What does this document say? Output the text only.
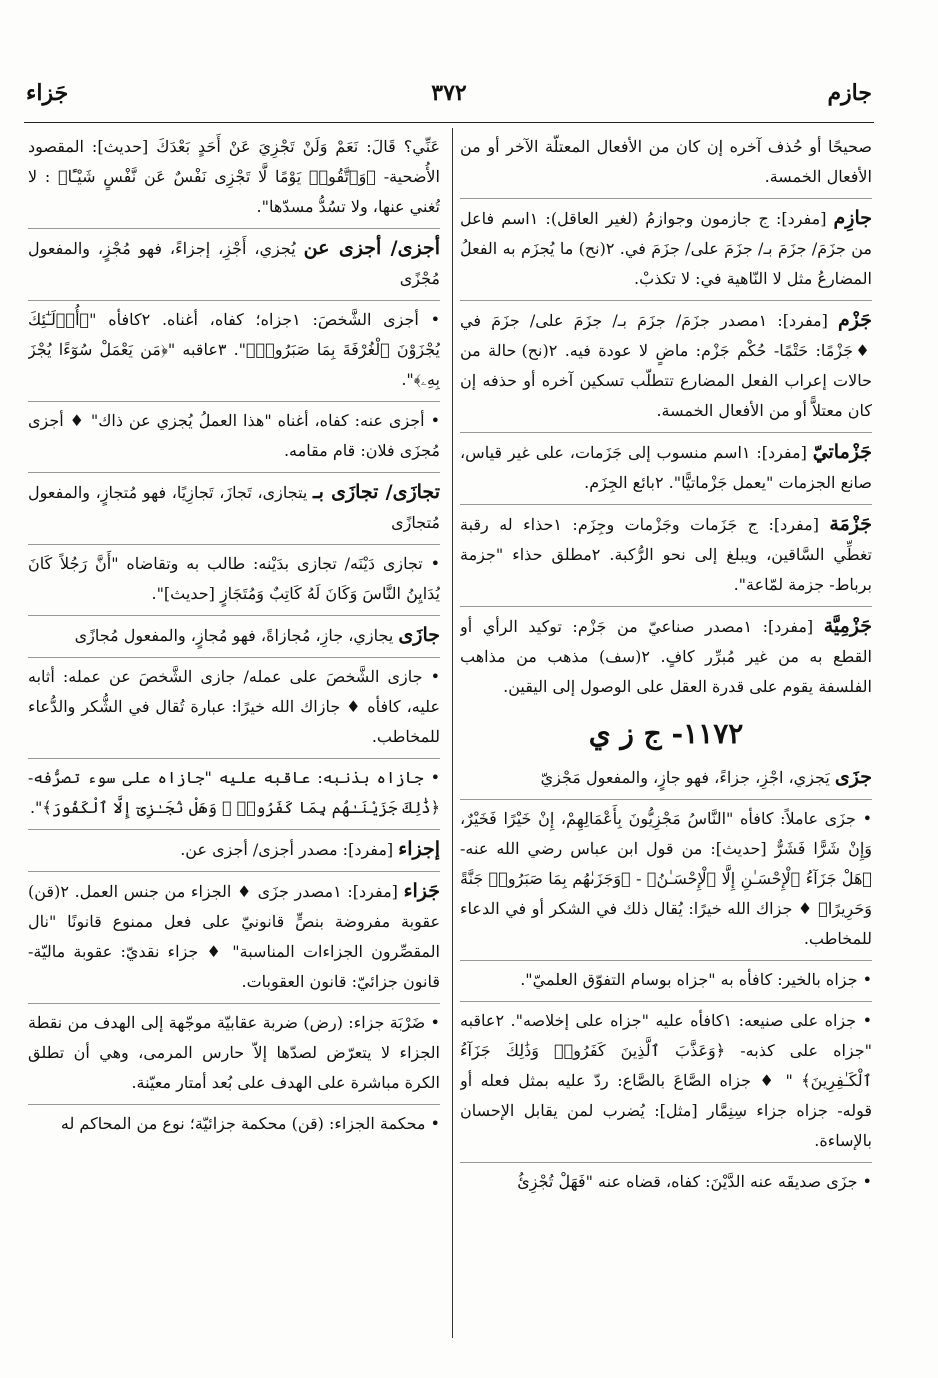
جازم
٣٧٢
جَزاء

صحيحًا أو حُذف آخره إن كان من الأفعال المعتلّة الآخر أو من الأفعال الخمسة.

جازِم [مفرد]: ج جازمون وجوازمُ (لغير العاقل): ١اسم فاعل من جزَمَ/ جزَمَ بـ/ جزَمَ على/ جزَمَ في. ٢(نح) ما يُجزَم به الفعلُ المضارعُ مثل لا النّاهية في: لا تكذبْ.

جَزْم [مفرد]: ١مصدر جزَمَ/ جزَمَ بـ/ جزَمَ على/ جزَمَ في ♦جَزْمًا: حَتْمًا- حُكْم جَزْم: ماضٍ لا عودة فيه. ٢(نح) حالة من حالات إعراب الفعل المضارع تتطلّب تسكين آخره أو حذفه إن كان معتلاًّ أو من الأفعال الخمسة.

جَزْماتيّ [مفرد]: ١اسم منسوب إلى جَزَمات، على غير قياس، صانع الجزمات "يعمل جَزْماتيًّا". ٢بائع الجِزَم.

جَزْمَة [مفرد]: ج جَزَمات وجَزْمات وجِزَم: ١حذاء له رقبة تغطِّي السَّاقين، ويبلغ إلى نحو الرُّكبة. ٢مطلق حذاء "جزمة برباط- جزمة لمّاعة".

جَزْمِيَّة [مفرد]: ١مصدر صناعيّ من جَزْم: توكيد الرأي أو القطع به من غير مُبرِّر كافٍ. ٢(سف) مذهب من مذاهب الفلسفة يقوم على قدرة العقل على الوصول إلى اليقين.

١١٧٢- ج ز ي

جزَى يَجزي، اجْزِ، جزاءً، فهو جازٍ، والمفعول مَجْزيّ

• جزَى عاملاً: كافأه "النَّاسُ مَجْزِيُّونَ بِأَعْمَالِهِمْ، إِنْ خَيْرًا فَخَيْرٌ، وَإِنْ شَرًّا فَشَرٌّ [حديث]: من قول ابن عباس رضي الله عنه- ﴿هَلْ جَزَآءُ ٱلْإِحْسَـٰنِ إِلَّا ٱلْإِحْسَـٰنُ﴾ - ﴿وَجَزَىٰهُم بِمَا صَبَرُوا۟ جَنَّةً وَحَرِيرًا﴾ ♦ جزاك الله خيرًا: يُقال ذلك في الشكر أو في الدعاء للمخاطب.

• جزاه بالخير: كافأه به "جزاه بوسام التفوّق العلميّ".

• جزاه على صنيعه: ١كافأه عليه "جزاه على إخلاصه". ٢عاقبه "جزاه على كذبه- ﴿وَعَذَّبَ ٱلَّذِينَ كَفَرُوا۟ وَذَٰلِكَ جَزَآءُ ٱلْكَـٰفِرِينَ﴾ " ♦ جزاه الصَّاعَ بالصَّاع: ردّ عليه بمثل فعله أو قوله- جزاه جزاء سِنِمَّار [مثل]: يُضرب لمن يقابل الإحسان بالإساءة.

• جزَى صديقَه عنه الدَّيْنَ: كفاه، قضاه عنه "فَهَلْ تُجْزِئُ

عَنِّي؟ قَالَ: نَعَمْ وَلَنْ تَجْزِيَ عَنْ أَحَدٍ بَعْدَكَ [حديث]: المقصود الأُضحية- ﴿وَٱتَّقُوا۟ يَوْمًا لَّا تَجْزِى نَفْسٌ عَن نَّفْسٍ شَيْـًٔا﴾ : لا تُغني عنها، ولا تسُدُّ مسدّها".

أجزى/ أجزى عن يُجزي، أَجْزِ، إجزاءً، فهو مُجْزٍ، والمفعول مُجْزًى

• أجزى الشَّخصَ: ١جزاه؛ كفاه، أغناه. ٢كافأه "﴿أُو۟لَـٰٓئِكَ يُجْزَوْنَ ٱلْغُرْفَةَ بِمَا صَبَرُوا۟﴾". ٣عاقبه "﴿مَن يَعْمَلْ سُوٓءًا يُجْزَ بِهِۦ﴾".

• أجزى عنه: كفاه، أغناه "هذا العملُ يُجزي عن ذاك" ♦ أجزى مُجزَى فلان: قام مقامه.

تجازَى/ تجازَى بـ يتجازى، تَجازَ، تَجازِيًا، فهو مُتجازٍ، والمفعول مُتجازًى

• تجازى دَيْنَه/ تجازى بدَيْنه: طالب به وتقاضاه "أَنَّ رَجُلاً كَانَ يُدَايِنُ النَّاسَ وَكَانَ لَهُ كَاتِبٌ وَمُتَجَازٍ [حديث]".

جازَى يجازي، جازِ، مُجازاةً، فهو مُجازٍ، والمفعول مُجازًى

• جازى الشَّخصَ على عمله/ جازى الشَّخصَ عن عمله: أثابه عليه، كافأه ♦ جازاك الله خيرًا: عبارة تُقال في الشُّكر والدُّعاء للمخاطب.

• جازاه بذنبه: عاقبه عليه "جازاه على سوء تصرُّفه- ﴿ذَٰلِكَ جَزَيْنَـٰهُم بِمَا كَفَرُوا۟ ۖ وَهَلْ نُجَـٰزِىٓ إِلَّا ٱلْكَفُورَ﴾".

إجزاء [مفرد]: مصدر أجزى/ أجزى عن.

جَزاء [مفرد]: ١مصدر جزَى ♦ الجزاء من جنس العمل. ٢(قن) عقوبة مفروضة بنصٍّ قانونيّ على فعل ممنوع قانونًا "نال المقصِّرون الجزاءات المناسبة" ♦ جزاء نقديّ: عقوبة ماليّة- قانون جزائيّ: قانون العقوبات.

• ضَرْبَة جزاء: (رض) ضربة عقابيّة موجّهة إلى الهدف من نقطة الجزاء لا يتعرّض لصدّها إلاّ حارس المرمى، وهي أن تطلق الكرة مباشرة على الهدف على بُعد أمتار معيّنة.

• محكمة الجزاء: (قن) محكمة جزائيّة؛ نوع من المحاكم له
